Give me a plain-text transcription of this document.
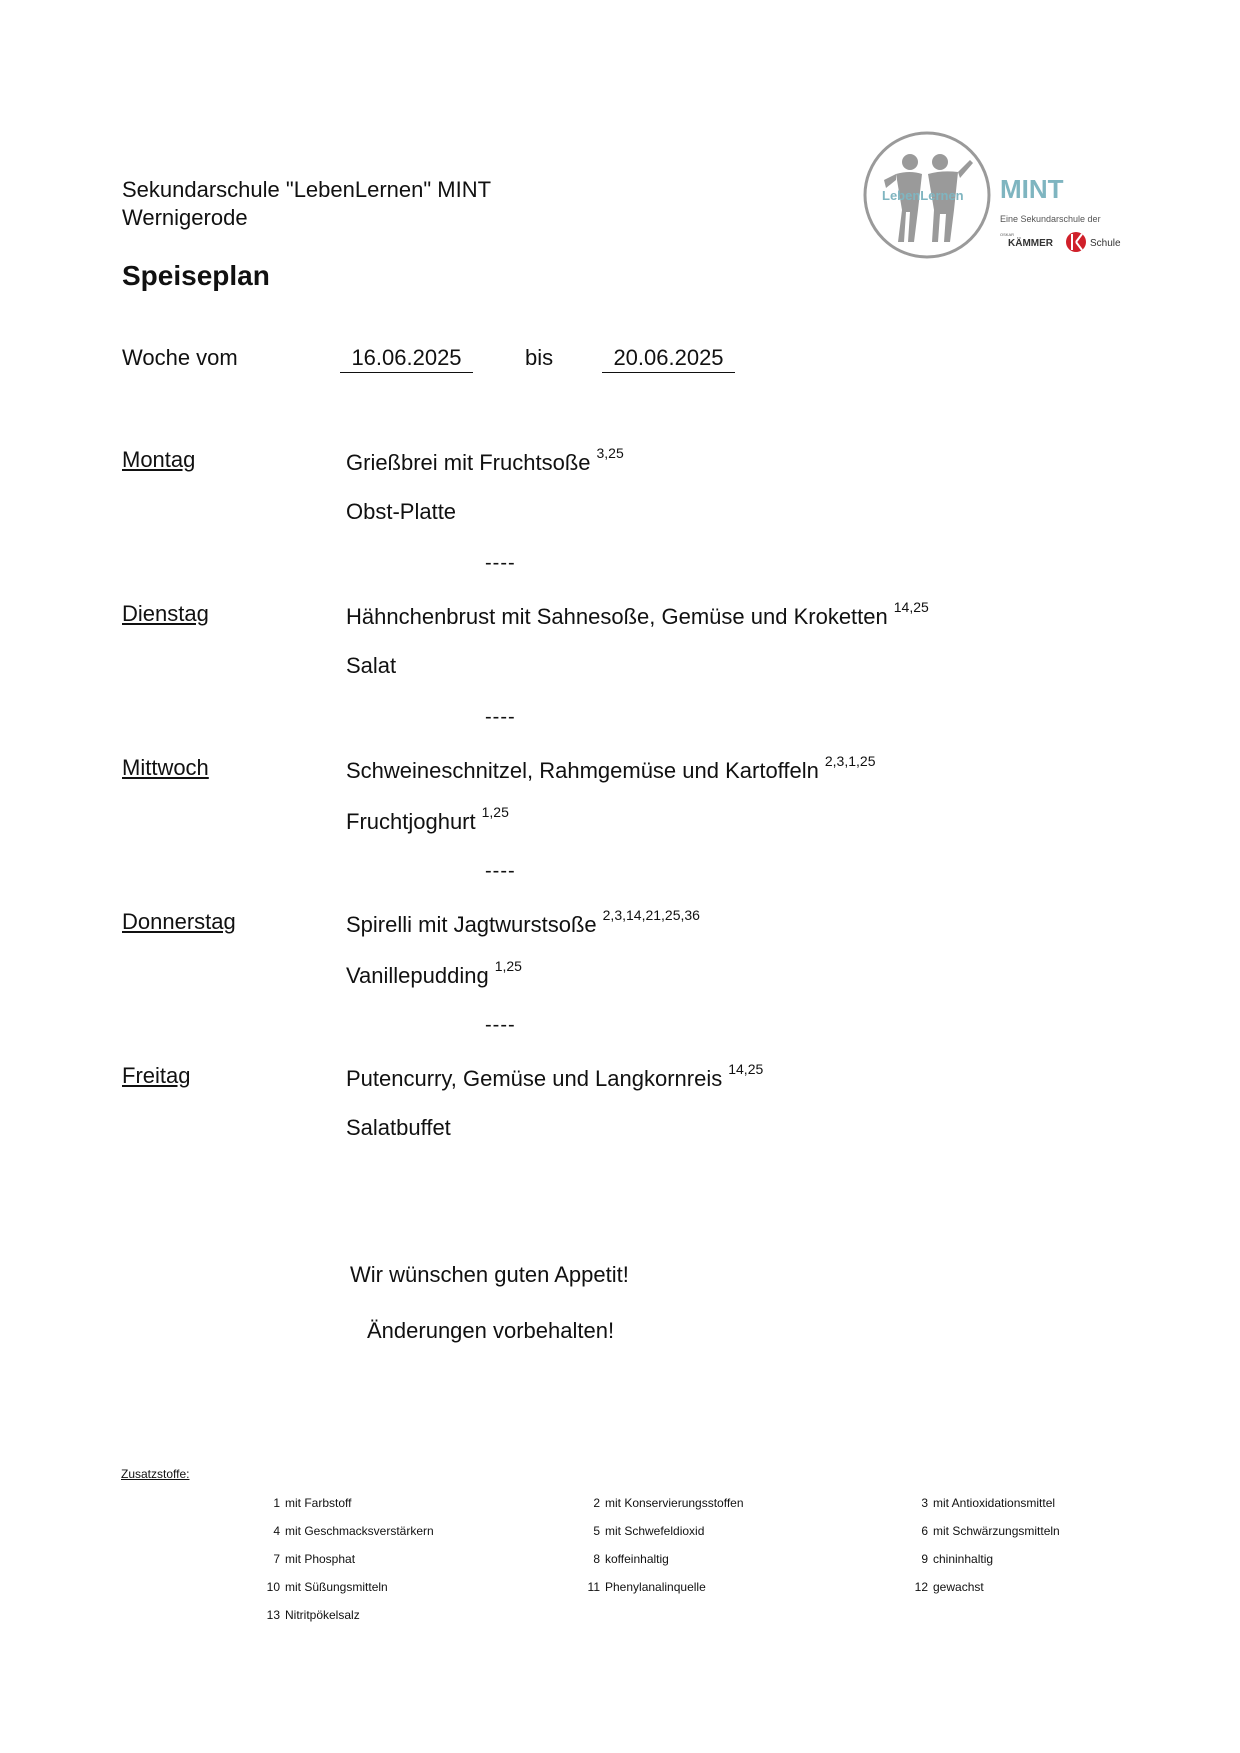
Sekundarschule "LebenLernen" MINT
Wernigerode
Speiseplan
LebenLernen MINT
Eine Sekundarschule der
OSKAR
KÄMMER	Schule
Woche vom	16.06.2025	bis	20.06.2025
Montag	Grießbrei mit Fruchtsoße $^{3,25}$
Obst-Platte
----
Dienstag	Hähnchenbrust mit Sahnesoße, Gemüse und Kroketten $^{14,25}$
Salat
----
Mittwoch	Schweineschnitzel, Rahmgemüse und Kartoffeln $^{2,3,1,25}$
Fruchtjoghurt $^{1,25}$
----
Donnerstag	Spirelli mit Jagtwurstsoße $^{2,3,14,21,25,36}$
Vanillepudding $^{1,25}$
----
Freitag	Putencurry, Gemüse und Langkornreis $^{14,25}$
Salatbuffet
Wir wünschen guten Appetit!
Änderungen vorbehalten!
Zusatzstoffe:
1 mit Farbstoff	2 mit Konservierungsstoffen	3 mit Antioxidationsmittel
4 mit Geschmacksverstärkern	5 mit Schwefeldioxid	6 mit Schwärzungsmitteln
7 mit Phosphat	8 koffeinhaltig	9 chininhaltig
10 mit Süßungsmitteln	11 Phenylanalinquelle	12 gewachst
13 Nitritpökelsalz
